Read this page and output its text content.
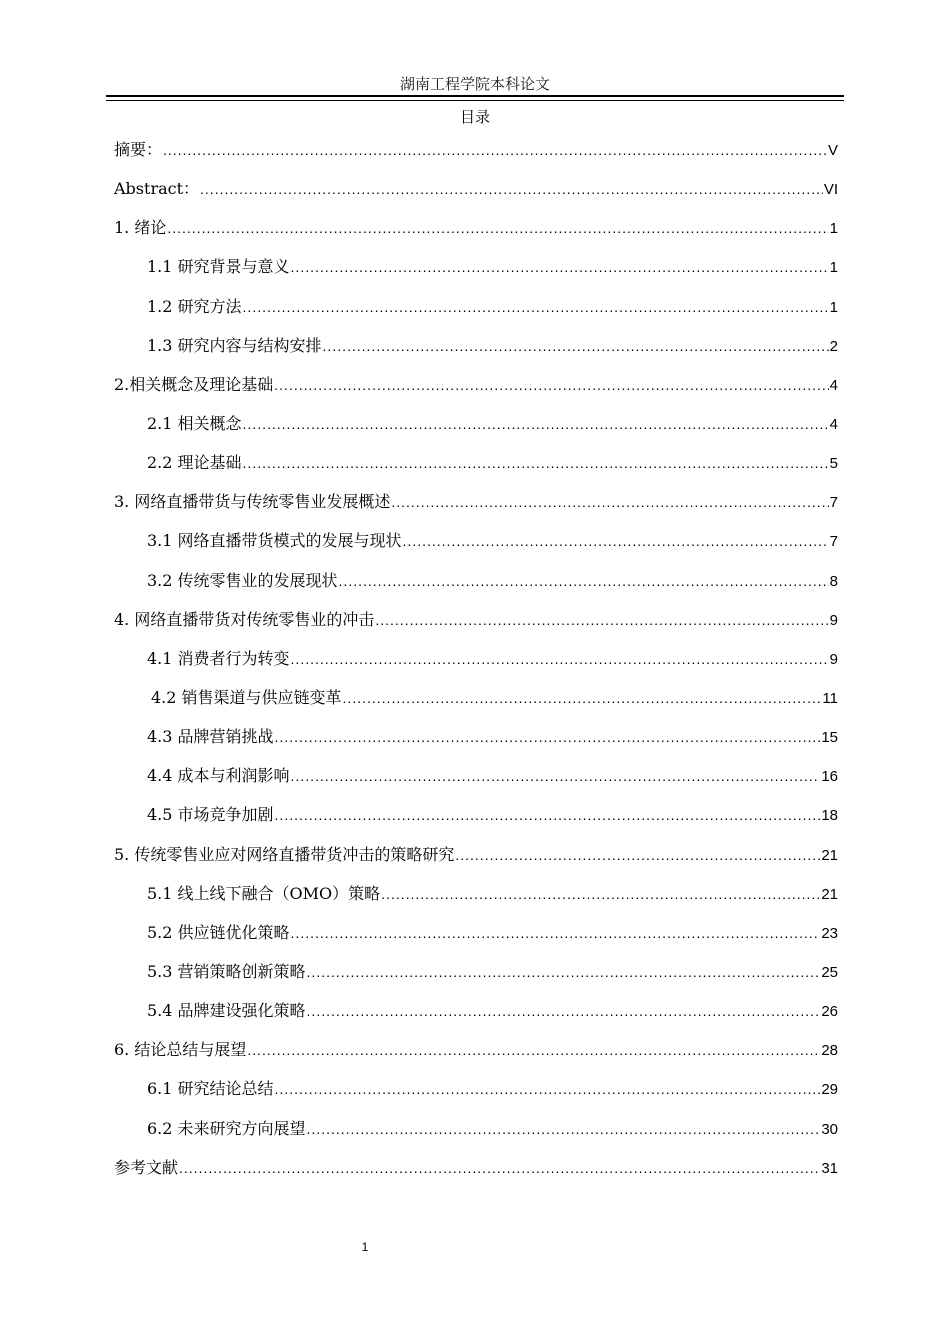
湖南工程学院本科论文
目录
摘要： .....	V
Abstract： .....	VI
1. 绪论 .....	1
1.1 研究背景与意义 .....	1
1.2 研究方法 .....	1
1.3 研究内容与结构安排 .....	2
2.相关概念及理论基础 .....	4
2.1 相关概念 .....	4
2.2 理论基础 .....	5
3. 网络直播带货与传统零售业发展概述 .....	7
3.1 网络直播带货模式的发展与现状 .....	7
3.2 传统零售业的发展现状 .....	8
4. 网络直播带货对传统零售业的冲击 .....	9
4.1 消费者行为转变 .....	9
4.2 销售渠道与供应链变革 .....	11
4.3 品牌营销挑战 .....	15
4.4 成本与利润影响 .....	16
4.5 市场竞争加剧 .....	18
5. 传统零售业应对网络直播带货冲击的策略研究 .....	21
5.1 线上线下融合（OMO）策略 .....	21
5.2 供应链优化策略 .....	23
5.3 营销策略创新策略 .....	25
5.4 品牌建设强化策略 .....	26
6. 结论总结与展望 .....	28
6.1 研究结论总结 .....	29
6.2 未来研究方向展望 .....	30
参考文献 .....	31
1
